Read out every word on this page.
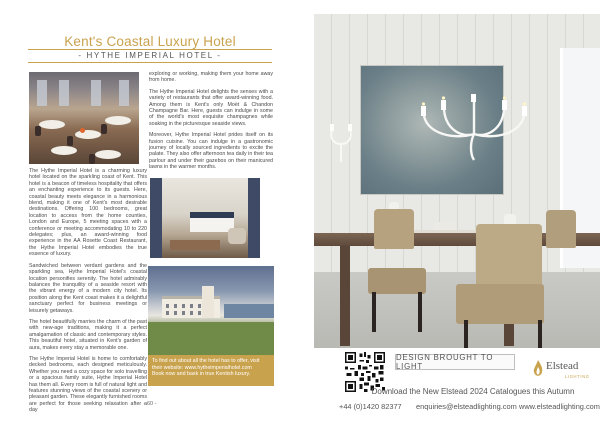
Kent's Coastal Luxury Hotel
- HYTHE IMPERIAL HOTEL -

exploring or working, making them your home away from home.

The Hythe Imperial Hotel delights the senses with a variety of restaurants that offer award-winning food. Among them is Kent's only Moët & Chandon Champagne Bar. Here, guests can indulge in some of the world's most exquisite champagnes while soaking in the picturesque seaside views.

Moreover, Hythe Imperial Hotel prides itself on its fusion cuisine. You can indulge in a gastronomic journey of locally sourced ingredients to excite the palate. They also offer afternoon tea daily in their tea parlour and under their gazebos on their manicured lawns in the warmer months.

The Hythe Imperial Hotel is a charming luxury hotel located on the sparkling coast of Kent. This hotel is a beacon of timeless hospitality that offers an enchanting experience to its guests. Here, coastal beauty meets elegance in a harmonious blend, making it one of Kent's most desirable destinations. Offering 100 bedrooms, great location to access from the home counties, London and Europe, 5 meeting spaces with a conference or meeting accommodating 10 to 220 delegates; plus, an award-winning food experience in the AA Rosette Coast Restaurant, the Hythe Imperial Hotel embodies the true essence of luxury.

Sandwiched between verdant gardens and the sparkling sea, Hythe Imperial Hotel's coastal location personifies serenity. The hotel admirably balances the tranquility of a seaside resort with the vibrant energy of a modern city hotel. Its position along the Kent coast makes it a delightful sanctuary perfect for business meetings or leisurely getaways.

The hotel beautifully marries the charm of the past with new-age traditions, making it a perfect amalgamation of classic and contemporary styles. This beautiful hotel, situated in Kent's garden of aura, makes every stay a memorable one.

The Hythe Imperial Hotel is home to comfortably decked bedrooms, each designed meticulously. Whether you need a cozy space for solo travelling or a spacious family suite, Hythe Imperial Hotel has them all. Every room is full of natural light and features stunning views of the coastal scenery or pleasant garden. These elegantly furnished rooms are perfect for those seeking relaxation after a day

To find out about all the hotel has to offer, visit
their website: www.hytheimperialhotel.com
Book now and bask in true Kentish luxury.
- 60 -
DESIGN BROUGHT TO LIGHT	Elstead
LIGHTING
Download the New Elstead 2024 Catalogues this Autumn
+44 (0)1420 82377 enquiries@elsteadlighting.com www.elsteadlighting.com
